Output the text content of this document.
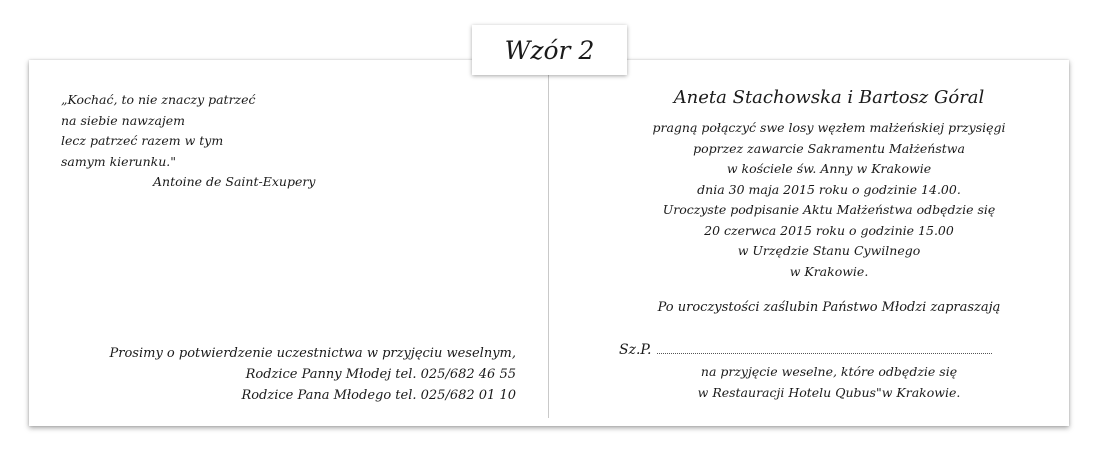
Wzór 2
„Kochać, to nie znaczy patrzeć
na siebie nawzajem
lecz patrzeć razem w tym
samym kierunku."
Antoine de Saint-Exupery
Prosimy o potwierdzenie uczestnictwa w przyjęciu weselnym,
Rodzice Panny Młodej tel. 025/682 46 55
Rodzice Pana Młodego tel. 025/682 01 10
Aneta Stachowska i Bartosz Góral
pragną połączyć swe losy węzłem małżeńskiej przysięgi
poprzez zawarcie Sakramentu Małżeństwa
w kościele św. Anny w Krakowie
dnia 30 maja 2015 roku o godzinie 14.00.
Uroczyste podpisanie Aktu Małżeństwa odbędzie się
20 czerwca 2015 roku o godzinie 15.00
w Urzędzie Stanu Cywilnego
w Krakowie.
Po uroczystości zaślubin Państwo Młodzi zapraszają
Sz.P.
na przyjęcie weselne, które odbędzie się
w Restauracji Hotelu Qubus"w Krakowie.
